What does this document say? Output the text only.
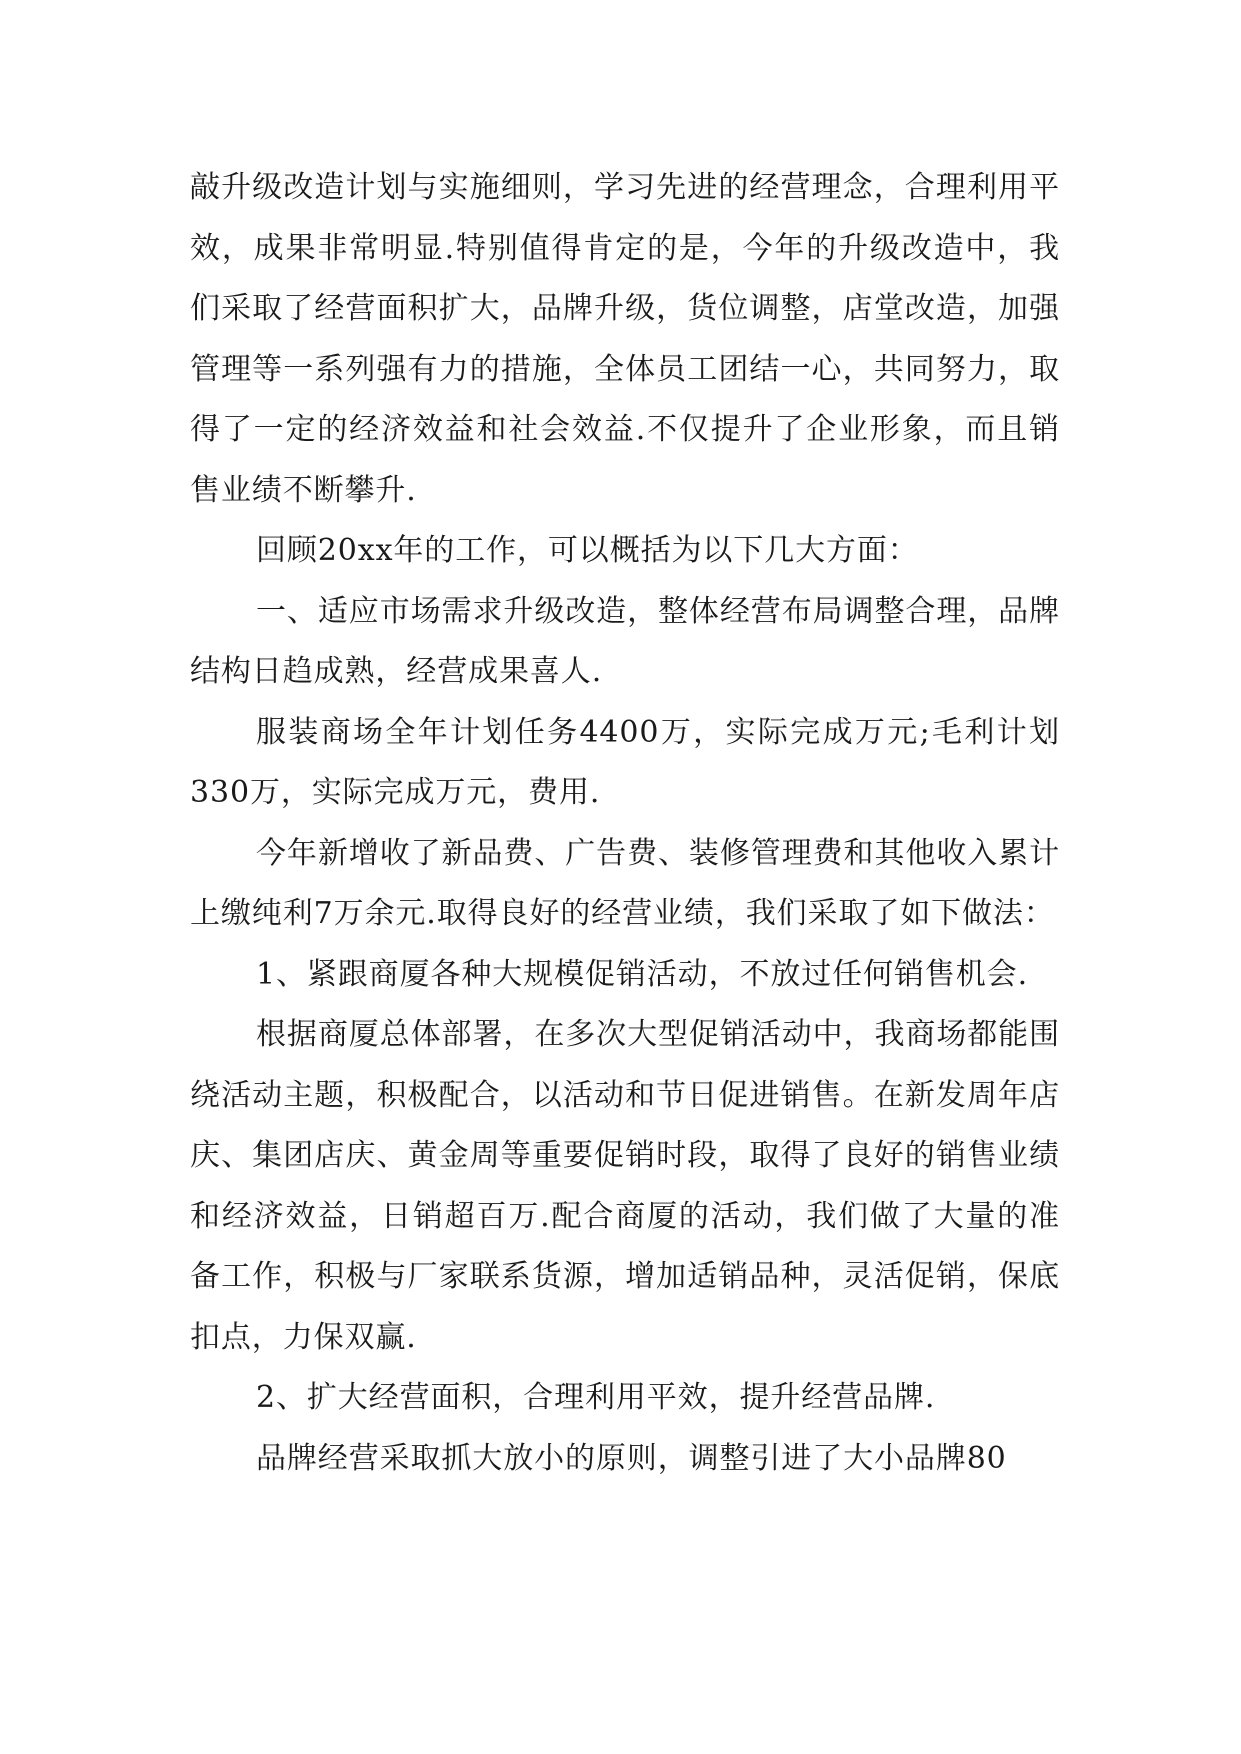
敲升级改造计划与实施细则，学习先进的经营理念，合理利用平效，成果非常明显.特别值得肯定的是，今年的升级改造中，我们采取了经营面积扩大，品牌升级，货位调整，店堂改造，加强管理等一系列强有力的措施，全体员工团结一心，共同努力，取得了一定的经济效益和社会效益.不仅提升了企业形象，而且销售业绩不断攀升.

回顾20xx年的工作，可以概括为以下几大方面：

一、适应市场需求升级改造，整体经营布局调整合理，品牌结构日趋成熟，经营成果喜人.

服装商场全年计划任务4400万，实际完成万元;毛利计划330万，实际完成万元，费用.

今年新增收了新品费、广告费、装修管理费和其他收入累计上缴纯利7万余元.取得良好的经营业绩，我们采取了如下做法：

1、紧跟商厦各种大规模促销活动，不放过任何销售机会.

根据商厦总体部署，在多次大型促销活动中，我商场都能围绕活动主题，积极配合，以活动和节日促进销售。在新发周年店庆、集团店庆、黄金周等重要促销时段，取得了良好的销售业绩和经济效益，日销超百万.配合商厦的活动，我们做了大量的准备工作，积极与厂家联系货源，增加适销品种，灵活促销，保底扣点，力保双赢.

2、扩大经营面积，合理利用平效，提升经营品牌.

品牌经营采取抓大放小的原则，调整引进了大小品牌80
